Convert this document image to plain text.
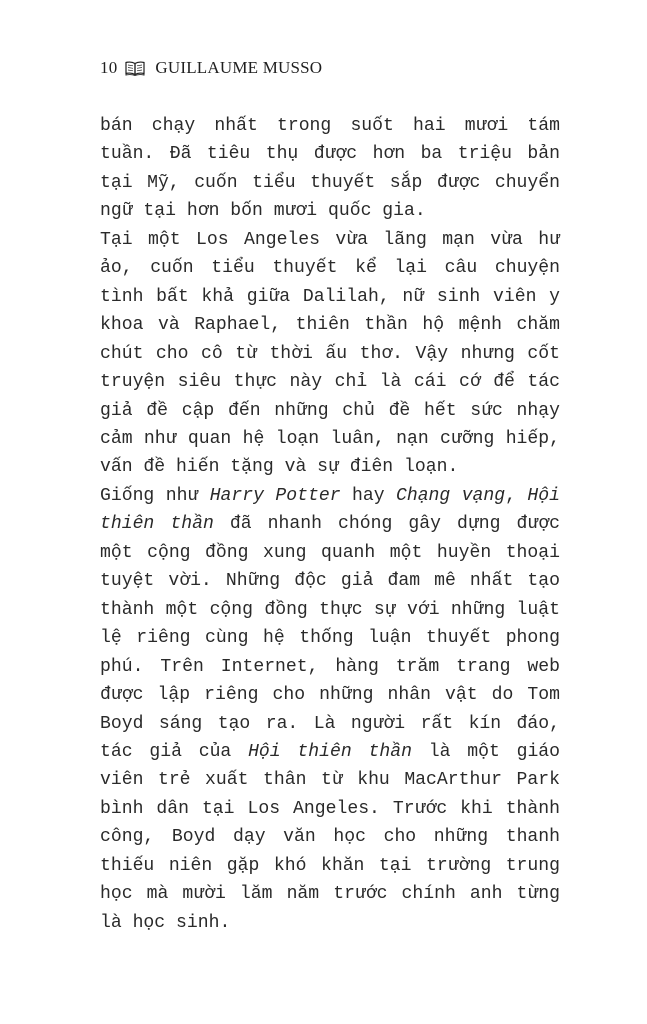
10 GUILLAUME MUSSO

bán chạy nhất trong suốt hai mươi tám tuần. Đã tiêu thụ được hơn ba triệu bản tại Mỹ, cuốn tiểu thuyết sắp được chuyển ngữ tại hơn bốn mươi quốc gia.

Tại một Los Angeles vừa lãng mạn vừa hư ảo, cuốn tiểu thuyết kể lại câu chuyện tình bất khả giữa Dalilah, nữ sinh viên y khoa và Raphael, thiên thần hộ mệnh chăm chút cho cô từ thời ấu thơ. Vậy nhưng cốt truyện siêu thực này chỉ là cái cớ để tác giả đề cập đến những chủ đề hết sức nhạy cảm như quan hệ loạn luân, nạn cưỡng hiếp, vấn đề hiến tặng và sự điên loạn.

Giống như Harry Potter hay Chạng vạng, Hội thiên thần đã nhanh chóng gây dựng được một cộng đồng xung quanh một huyền thoại tuyệt vời. Những độc giả đam mê nhất tạo thành một cộng đồng thực sự với những luật lệ riêng cùng hệ thống luận thuyết phong phú. Trên Internet, hàng trăm trang web được lập riêng cho những nhân vật do Tom Boyd sáng tạo ra. Là người rất kín đáo, tác giả của Hội thiên thần là một giáo viên trẻ xuất thân từ khu MacArthur Park bình dân tại Los Angeles. Trước khi thành công, Boyd dạy văn học cho những thanh thiếu niên gặp khó khăn tại trường trung học mà mười lăm năm trước chính anh từng là học sinh.
